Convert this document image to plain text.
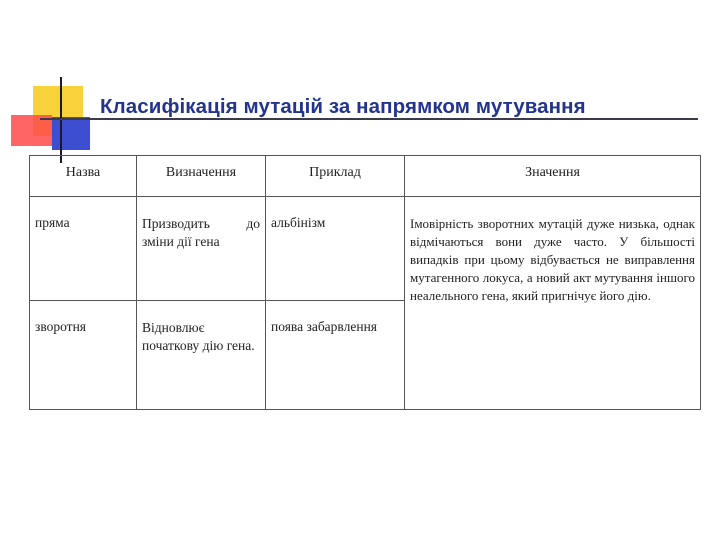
Класифікація мутацій за напрямком мутування
Назва	Визначення	Приклад	Значення

пряма	Призводить до зміни дії гена	альбінізм	Імовірність зворотних мутацій дуже низька, однак відмічаються вони дуже часто. У більшості випадків при цьому відбувається не виправлення мутагенного локуса, а новий акт мутування іншого неалельного гена, який пригнічує його дію.

зворотня	Відновлює початкову дію гена.	поява забарвлення	
